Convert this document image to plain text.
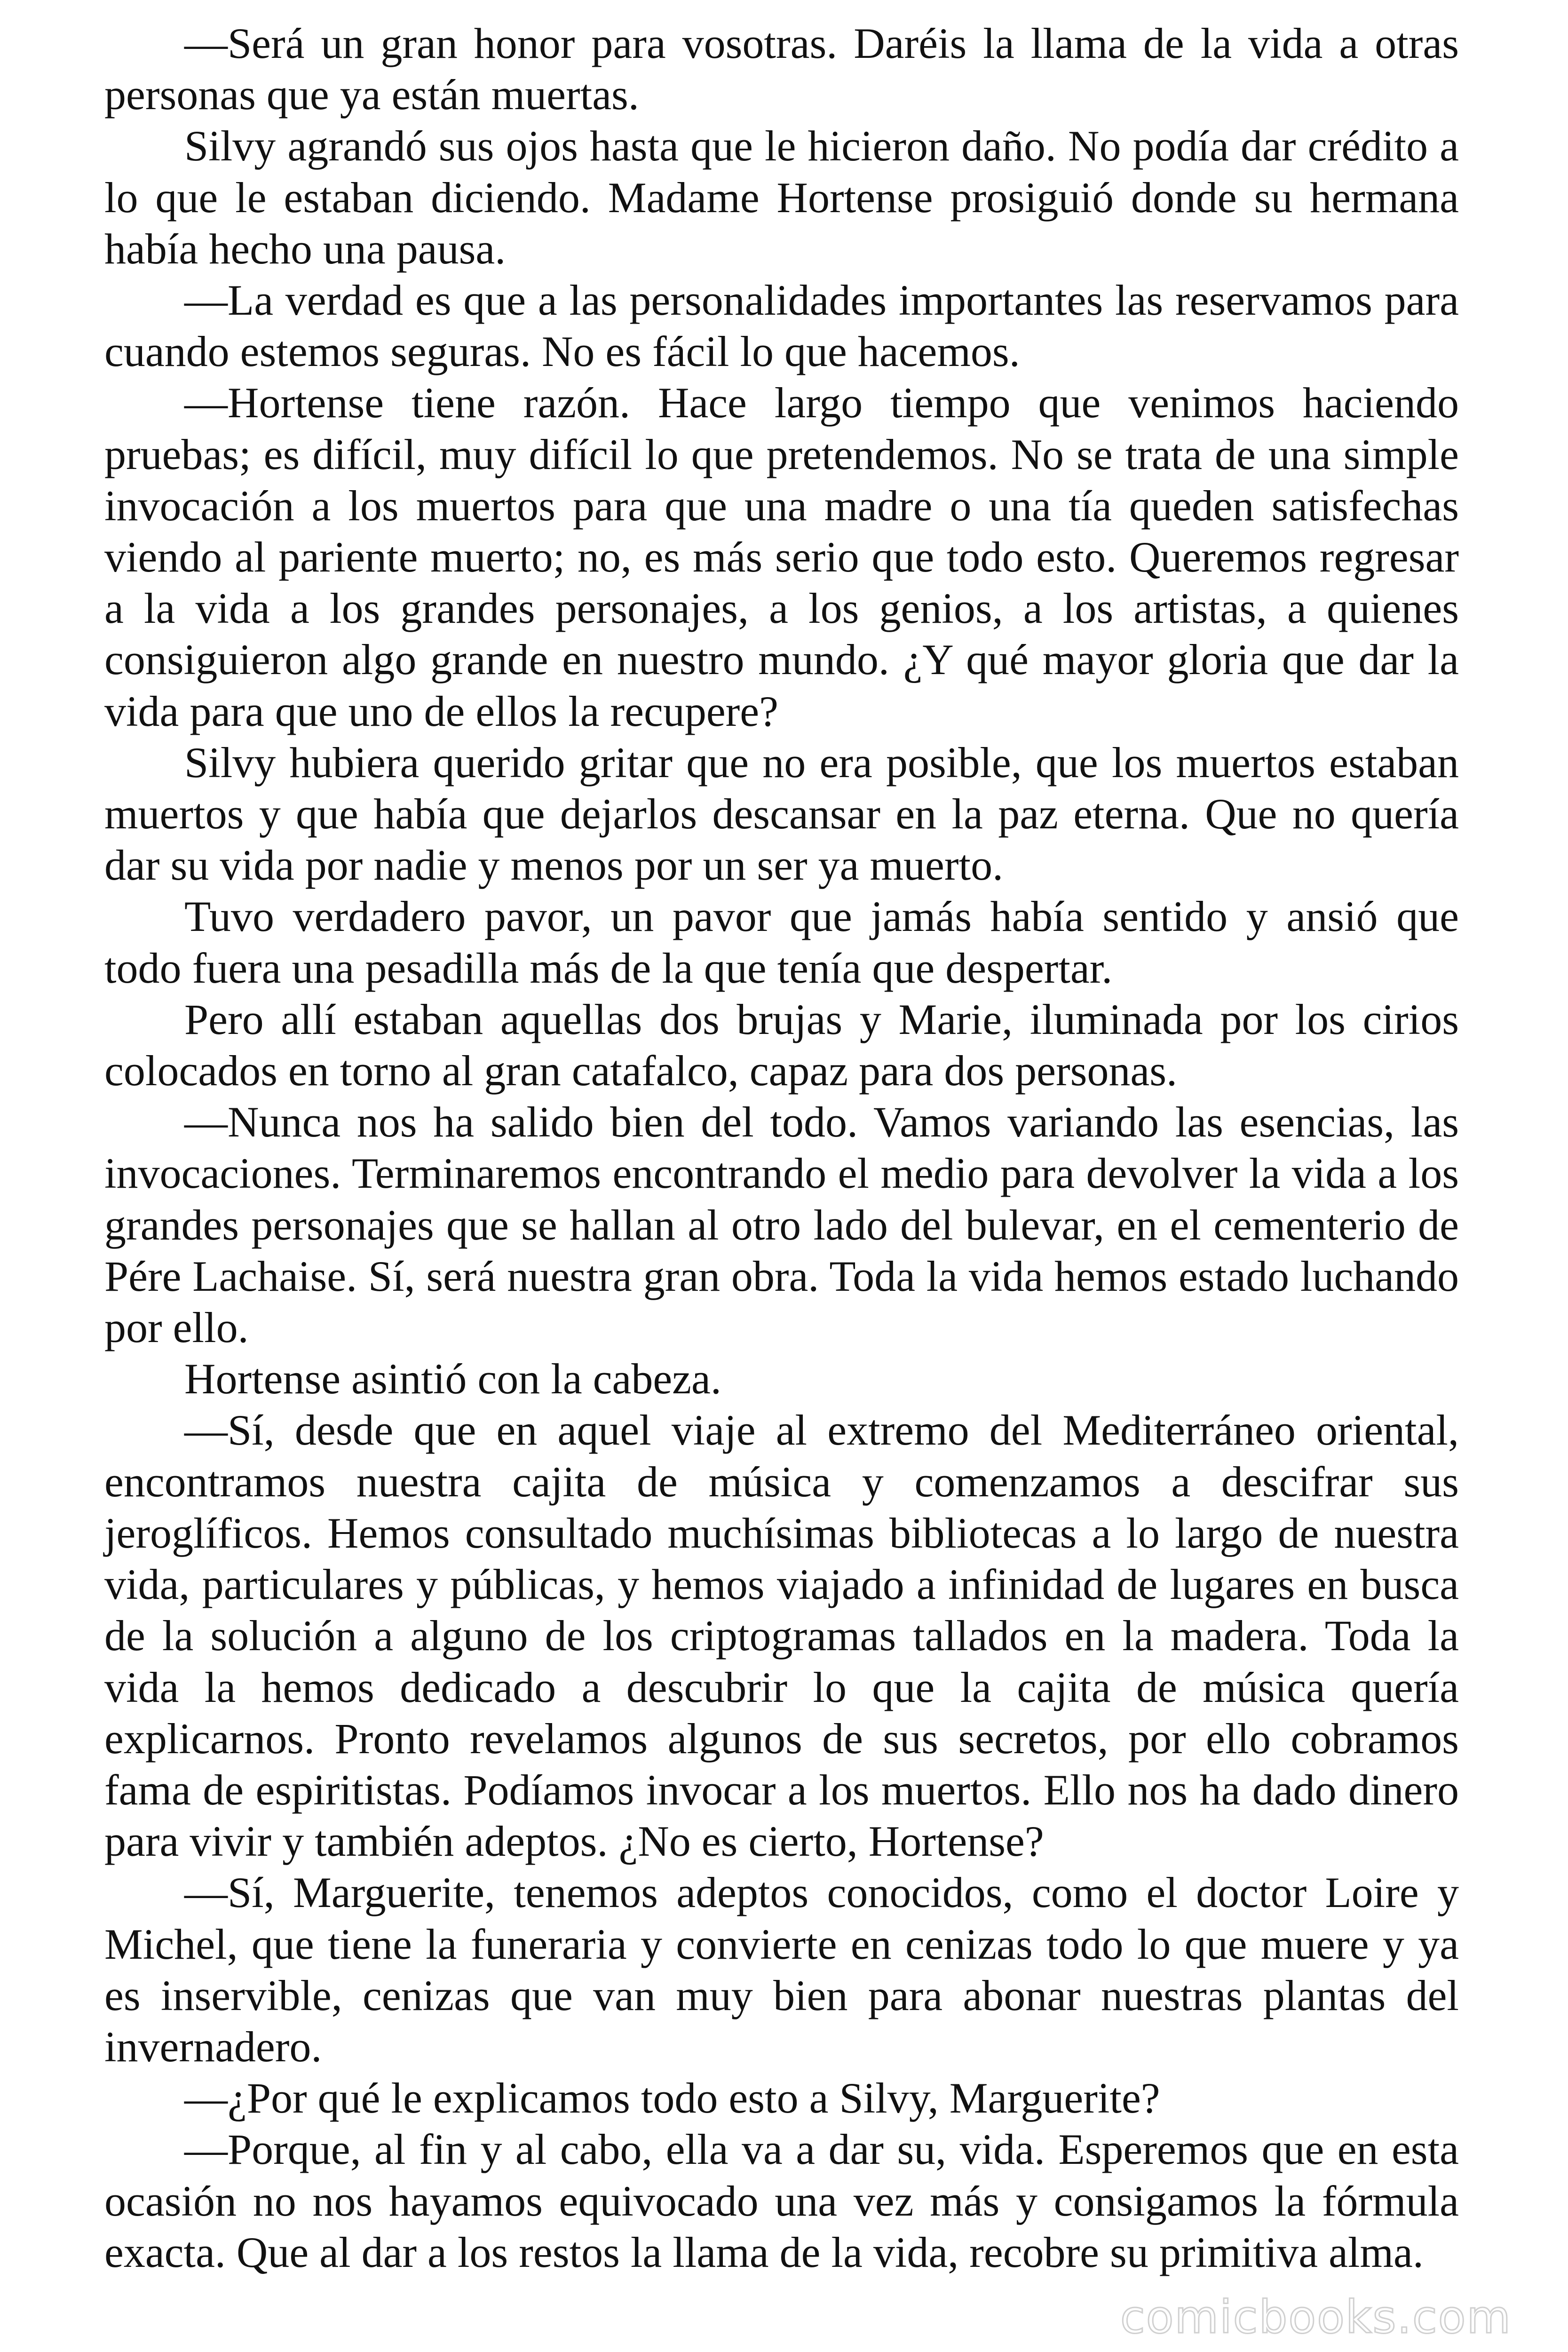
—Será un gran honor para vosotras. Daréis la llama de la vida a otras personas que ya están muertas.

Silvy agrandó sus ojos hasta que le hicieron daño. No podía dar crédito a lo que le estaban diciendo. Madame Hortense prosiguió donde su hermana había hecho una pausa.

—La verdad es que a las personalidades importantes las reservamos para cuando estemos seguras. No es fácil lo que hacemos.

—Hortense tiene razón. Hace largo tiempo que venimos haciendo pruebas; es difícil, muy difícil lo que pretendemos. No se trata de una simple invocación a los muertos para que una madre o una tía queden satisfechas viendo al pariente muerto; no, es más serio que todo esto. Queremos regresar a la vida a los grandes personajes, a los genios, a los artistas, a quienes consiguieron algo grande en nuestro mundo. ¿Y qué mayor gloria que dar la vida para que uno de ellos la recupere?

Silvy hubiera querido gritar que no era posible, que los muertos estaban muertos y que había que dejarlos descansar en la paz eterna. Que no quería dar su vida por nadie y menos por un ser ya muerto.

Tuvo verdadero pavor, un pavor que jamás había sentido y ansió que todo fuera una pesadilla más de la que tenía que despertar.

Pero allí estaban aquellas dos brujas y Marie, iluminada por los cirios colocados en torno al gran catafalco, capaz para dos personas.

—Nunca nos ha salido bien del todo. Vamos variando las esencias, las invocaciones. Terminaremos encontrando el medio para devolver la vida a los grandes personajes que se hallan al otro lado del bulevar, en el cementerio de Pére Lachaise. Sí, será nuestra gran obra. Toda la vida hemos estado luchando por ello.

Hortense asintió con la cabeza.

—Sí, desde que en aquel viaje al extremo del Mediterráneo oriental, encontramos nuestra cajita de música y comenzamos a descifrar sus jeroglíficos. Hemos consultado muchísimas bibliotecas a lo largo de nuestra vida, particulares y públicas, y hemos viajado a infinidad de lugares en busca de la solución a alguno de los criptogramas tallados en la madera. Toda la vida la hemos dedicado a descubrir lo que la cajita de música quería explicarnos. Pronto revelamos algunos de sus secretos, por ello cobramos fama de espiritistas. Podíamos invocar a los muertos. Ello nos ha dado dinero para vivir y también adeptos. ¿No es cierto, Hortense?

—Sí, Marguerite, tenemos adeptos conocidos, como el doctor Loire y Michel, que tiene la funeraria y convierte en cenizas todo lo que muere y ya es inservible, cenizas que van muy bien para abonar nuestras plantas del invernadero.

—¿Por qué le explicamos todo esto a Silvy, Marguerite?

—Porque, al fin y al cabo, ella va a dar su, vida. Esperemos que en esta ocasión no nos hayamos equivocado una vez más y consigamos la fórmula exacta. Que al dar a los restos la llama de la vida, recobre su primitiva alma.

comicbooks.com
